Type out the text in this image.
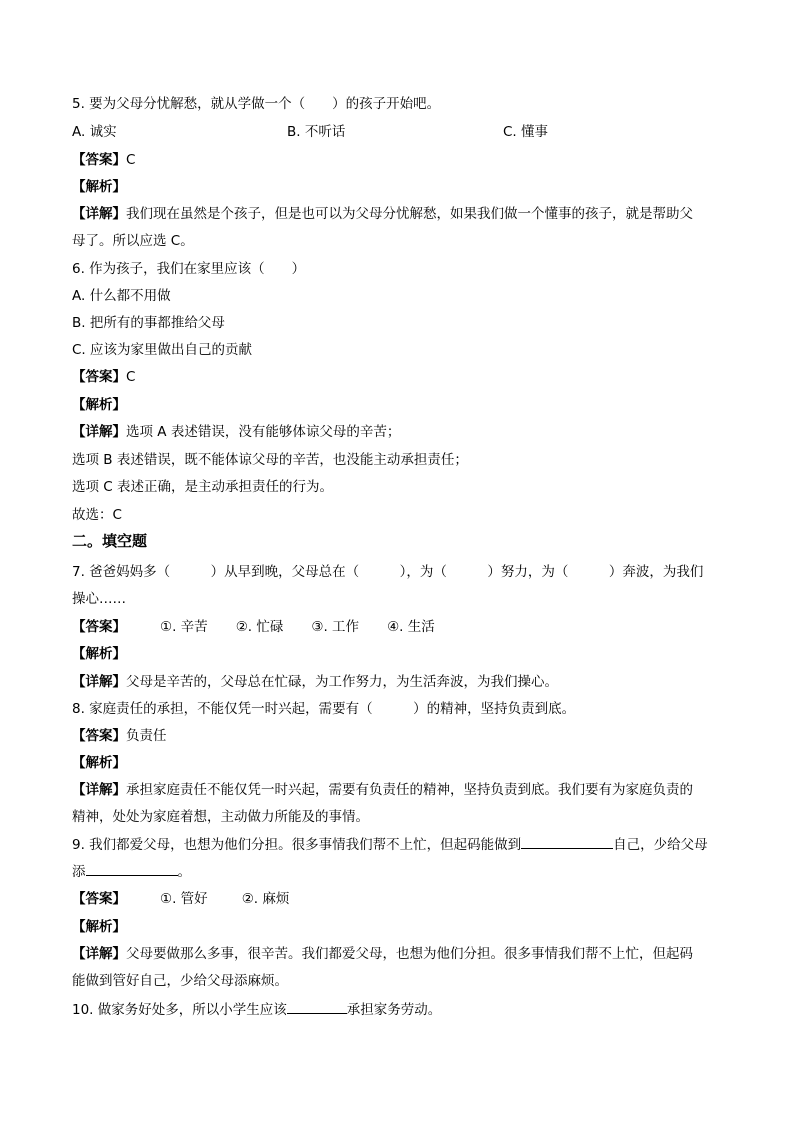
5. 要为父母分忧解愁，就从学做一个（　　）的孩子开始吧。
A. 诚实	B. 不听话	C. 懂事
【答案】C
【解析】
【详解】我们现在虽然是个孩子，但是也可以为父母分忧解愁，如果我们做一个懂事的孩子，就是帮助父
母了。所以应选 C。
6. 作为孩子，我们在家里应该（　　）
A. 什么都不用做
B. 把所有的事都推给父母
C. 应该为家里做出自己的贡献
【答案】C
【解析】
【详解】选项 A 表述错误，没有能够体谅父母的辛苦；
选项 B 表述错误，既不能体谅父母的辛苦，也没能主动承担责任；
选项 C 表述正确，是主动承担责任的行为。
故选：C
二。填空题
7. 爸爸妈妈多（　　　）从早到晚，父母总在（　　　），为（　　　）努力，为（　　　）奔波，为我们
操心……
【答案】	①. 辛苦 ②. 忙碌 ③. 工作 ④. 生活
【解析】
【详解】父母是辛苦的，父母总在忙碌，为工作努力，为生活奔波，为我们操心。
8. 家庭责任的承担，不能仅凭一时兴起，需要有（　　　）的精神，坚持负责到底。
【答案】负责任
【解析】
【详解】承担家庭责任不能仅凭一时兴起，需要有负责任的精神，坚持负责到底。我们要有为家庭负责的
精神，处处为家庭着想，主动做力所能及的事情。
9. 我们都爱父母，也想为他们分担。很多事情我们帮不上忙，但起码能做到	自己，少给父母
添	。
【答案】	①. 管好	②. 麻烦
【解析】
【详解】父母要做那么多事，很辛苦。我们都爱父母，也想为他们分担。很多事情我们帮不上忙，但起码
能做到管好自己，少给父母添麻烦。
10. 做家务好处多，所以小学生应该	承担家务劳动。
